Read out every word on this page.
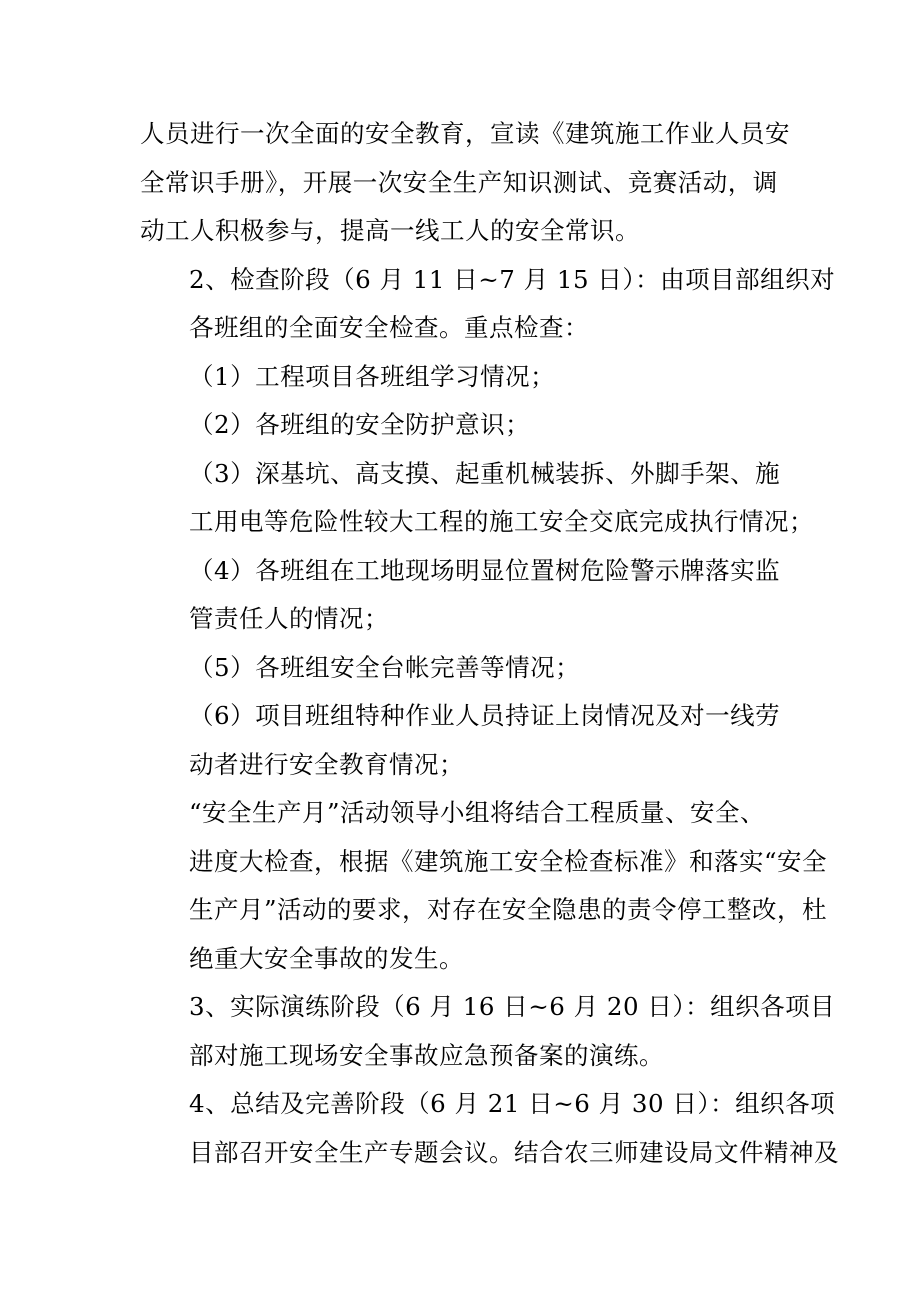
人员进行一次全面的安全教育，宣读《建筑施工作业人员安
全常识手册》，开展一次安全生产知识测试、竞赛活动，调
动工人积极参与，提高一线工人的安全常识。

2、检查阶段（6 月 11 日~7 月 15 日）：由项目部组织对
各班组的全面安全检查。重点检查：

（1）工程项目各班组学习情况；

（2）各班组的安全防护意识；

（3）深基坑、高支摸、起重机械装拆、外脚手架、施
工用电等危险性较大工程的施工安全交底完成执行情况；

（4）各班组在工地现场明显位置树危险警示牌落实监
管责任人的情况；

（5）各班组安全台帐完善等情况；

（6）项目班组特种作业人员持证上岗情况及对一线劳
动者进行安全教育情况；

“安全生产月”活动领导小组将结合工程质量、安全、
进度大检查，根据《建筑施工安全检查标准》和落实“安全
生产月”活动的要求，对存在安全隐患的责令停工整改，杜
绝重大安全事故的发生。

3、实际演练阶段（6 月 16 日~6 月 20 日）：组织各项目
部对施工现场安全事故应急预备案的演练。

4、总结及完善阶段（6 月 21 日~6 月 30 日）：组织各项
目部召开安全生产专题会议。结合农三师建设局文件精神及
